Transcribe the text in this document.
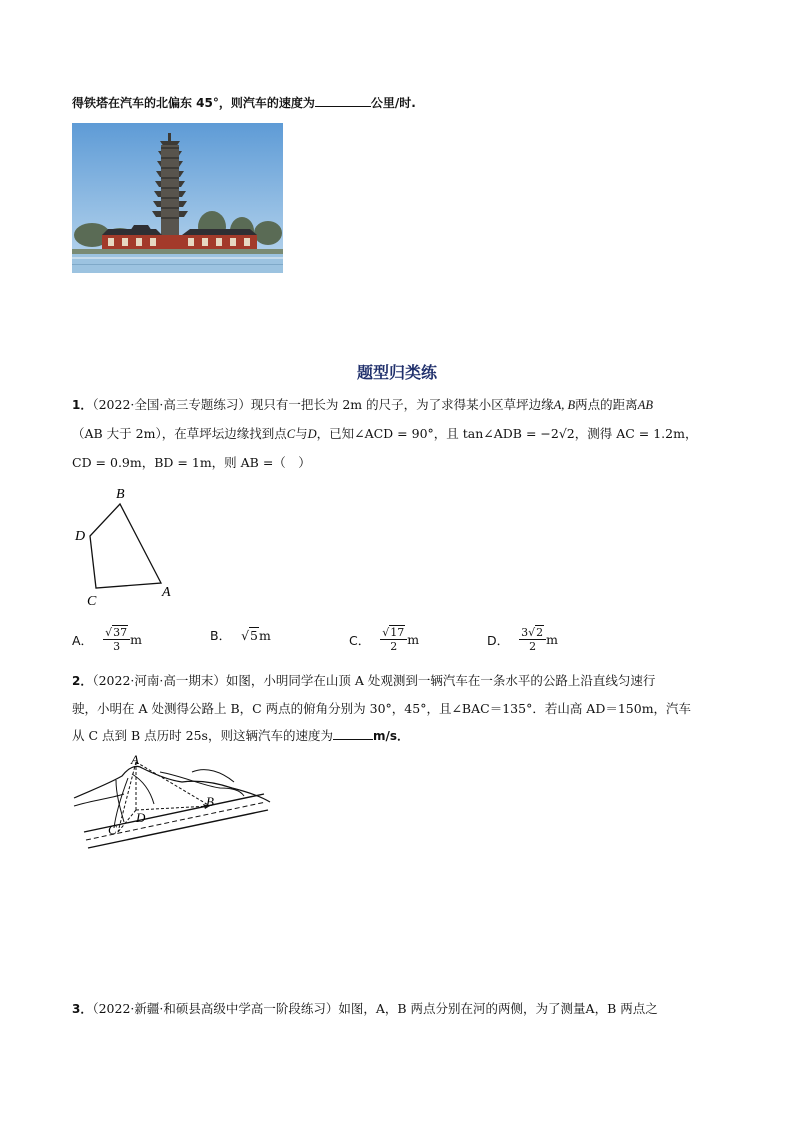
得铁塔在汽车的北偏东 45°，则汽车的速度为	公里/时.
题型归类练
1．（2022·全国·高三专题练习）现只有一把长为 2m 的尺子，为了求得某小区草坪边缘A, B两点的距离AB
（AB 大于 2m），在草坪坛边缘找到点C与D，已知∠ACD = 90°，且 tan∠ADB = −2√2，测得 AC = 1.2m，
CD = 0.9m，BD = 1m，则 AB =（　）
B
D
C
A
A． $\frac{√37}{3}$ m	B． √5 m	C． $\frac{√17}{2}$ m	D． $\frac{3√2}{2}$ m
2．（2022·河南·高一期末）如图，小明同学在山顶 A 处观测到一辆汽车在一条水平的公路上沿直线匀速行
驶，小明在 A 处测得公路上 B，C 两点的俯角分别为 30°，45°，且∠BAC＝135°．若山高 AD＝150m，汽车
从 C 点到 B 点历时 25s，则这辆汽车的速度为	m/s．
A
B
D
C
3．（2022·新疆·和硕县高级中学高一阶段练习）如图，A，B 两点分别在河的两侧，为了测量A，B 两点之
